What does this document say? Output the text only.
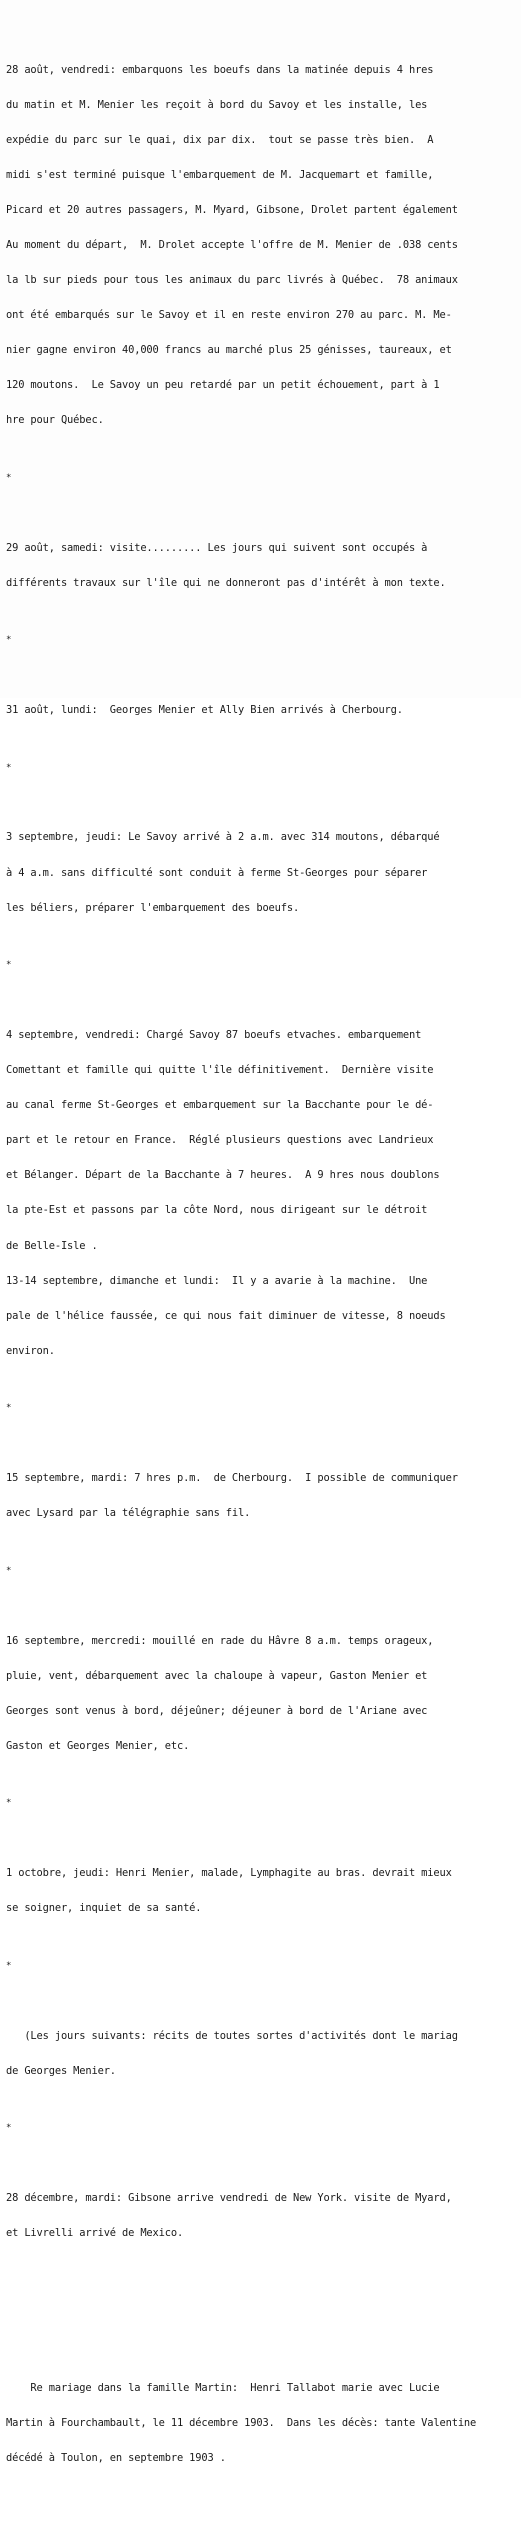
28 août, vendredi: embarquons les boeufs dans la matinée depuis 4 hres

du matin et M. Menier les reçoit à bord du Savoy et les installe, les

expédie du parc sur le quai, dix par dix.  tout se passe très bien.  A

midi s'est terminé puisque l'embarquement de M. Jacquemart et famille,

Picard et 20 autres passagers, M. Myard, Gibsone, Drolet partent également

Au moment du départ,  M. Drolet accepte l'offre de M. Menier de .038 cents

la lb sur pieds pour tous les animaux du parc livrés à Québec.  78 animaux

ont été embarqués sur le Savoy et il en reste environ 270 au parc. M. Me-

nier gagne environ 40,000 francs au marché plus 25 génisses, taureaux, et

120 moutons.  Le Savoy un peu retardé par un petit échouement, part à 1

hre pour Québec.

*

29 août, samedi: visite......... Les jours qui suivent sont occupés à

différents travaux sur l'île qui ne donneront pas d'intérêt à mon texte.

*

31 août, lundi:  Georges Menier et Ally Bien arrivés à Cherbourg.

*

3 septembre, jeudi: Le Savoy arrivé à 2 a.m. avec 314 moutons, débarqué

à 4 a.m. sans difficulté sont conduit à ferme St-Georges pour séparer

les béliers, préparer l'embarquement des boeufs.

*

4 septembre, vendredi: Chargé Savoy 87 boeufs etvaches. embarquement

Comettant et famille qui quitte l'île définitivement.  Dernière visite

au canal ferme St-Georges et embarquement sur la Bacchante pour le dé-

part et le retour en France.  Réglé plusieurs questions avec Landrieux

et Bélanger. Départ de la Bacchante à 7 heures.  A 9 hres nous doublons

la pte-Est et passons par la côte Nord, nous dirigeant sur le détroit

de Belle-Isle .

13-14 septembre, dimanche et lundi:  Il y a avarie à la machine.  Une

pale de l'hélice faussée, ce qui nous fait diminuer de vitesse, 8 noeuds

environ.

*

15 septembre, mardi: 7 hres p.m.  de Cherbourg.  I possible de communiquer

avec Lysard par la télégraphie sans fil.

*

16 septembre, mercredi: mouillé en rade du Hâvre 8 a.m. temps orageux,

pluie, vent, débarquement avec la chaloupe à vapeur, Gaston Menier et

Georges sont venus à bord, déjeûner; déjeuner à bord de l'Ariane avec

Gaston et Georges Menier, etc.

*

1 octobre, jeudi: Henri Menier, malade, Lymphagite au bras. devrait mieux

se soigner, inquiet de sa santé.

*

(Les jours suivants: récits de toutes sortes d'activités dont le mariag

de Georges Menier.

*

28 décembre, mardi: Gibsone arrive vendredi de New York. visite de Myard,

et Livrelli arrivé de Mexico.

Re mariage dans la famille Martin:  Henri Tallabot marie avec Lucie

Martin à Fourchambault, le 11 décembre 1903.  Dans les décès: tante Valentine

décédé à Toulon, en septembre 1903 .
